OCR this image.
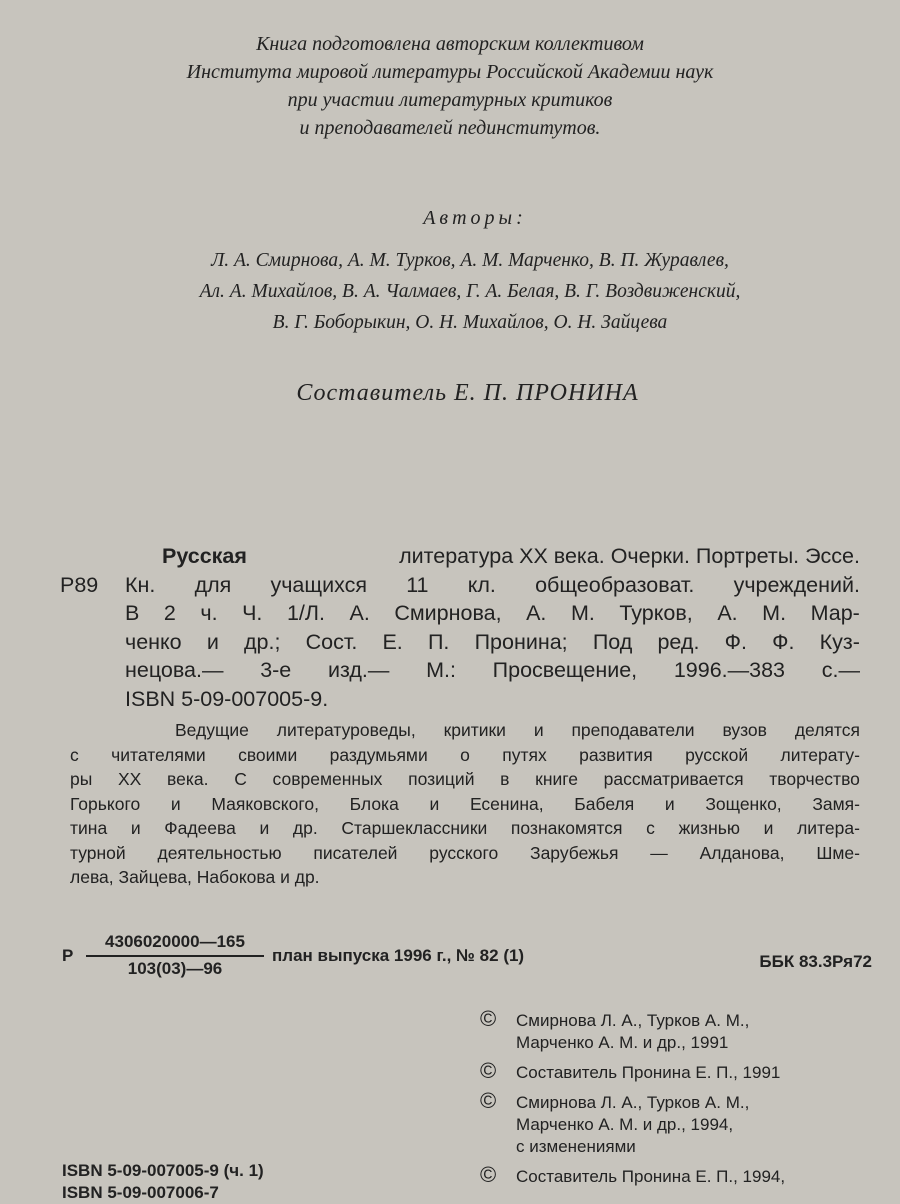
Книга подготовлена авторским коллективом
Института мировой литературы Российской Академии наук
при участии литературных критиков
и преподавателей пединститутов.
Авторы:
Л. А. Смирнова, А. М. Турков, А. М. Марченко, В. П. Журавлев,
Ал. А. Михайлов, В. А. Чалмаев, Г. А. Белая, В. Г. Воздвиженский,
В. Г. Боборыкин, О. Н. Михайлов, О. Н. Зайцева
Составитель Е. П. ПРОНИНА
Русская	литература XX века. Очерки. Портреты. Эссе.
Р89 Кн. для учащихся 11 кл. общеобразоват. учреждений.
В 2 ч. Ч. 1/Л. А. Смирнова, А. М. Турков, А. М. Мар-
ченко и др.; Сост. Е. П. Пронина; Под ред. Ф. Ф. Куз-
нецова.— 3-е изд.— М.: Просвещение, 1996.—383 с.—
ISBN 5-09-007005-9.
Ведущие литературоведы, критики и преподаватели вузов делятся
с читателями своими раздумьями о путях развития русской литерату-
ры XX века. С современных позиций в книге рассматривается творчество
Горького и Маяковского, Блока и Есенина, Бабеля и Зощенко, Замя-
тина и Фадеева и др. Старшеклассники познакомятся с жизнью и литера-
турной деятельностью писателей русского Зарубежья — Алданова, Шме-
лева, Зайцева, Набокова и др.
Р $\frac{4306020000—165}{103(03)—96}$ план выпуска 1996 г., № 82 (1)	ББК 83.3Ря72
© Смирнова Л. А., Турков А. М.,
Марченко А. М. и др., 1991
© Составитель Пронина Е. П., 1991
© Смирнова Л. А., Турков А. М.,
Марченко А. М. и др., 1994,
с изменениями
© Составитель Пронина Е. П., 1994,
ISBN 5-09-007005-9 (ч. 1)
ISBN 5-09-007006-7
